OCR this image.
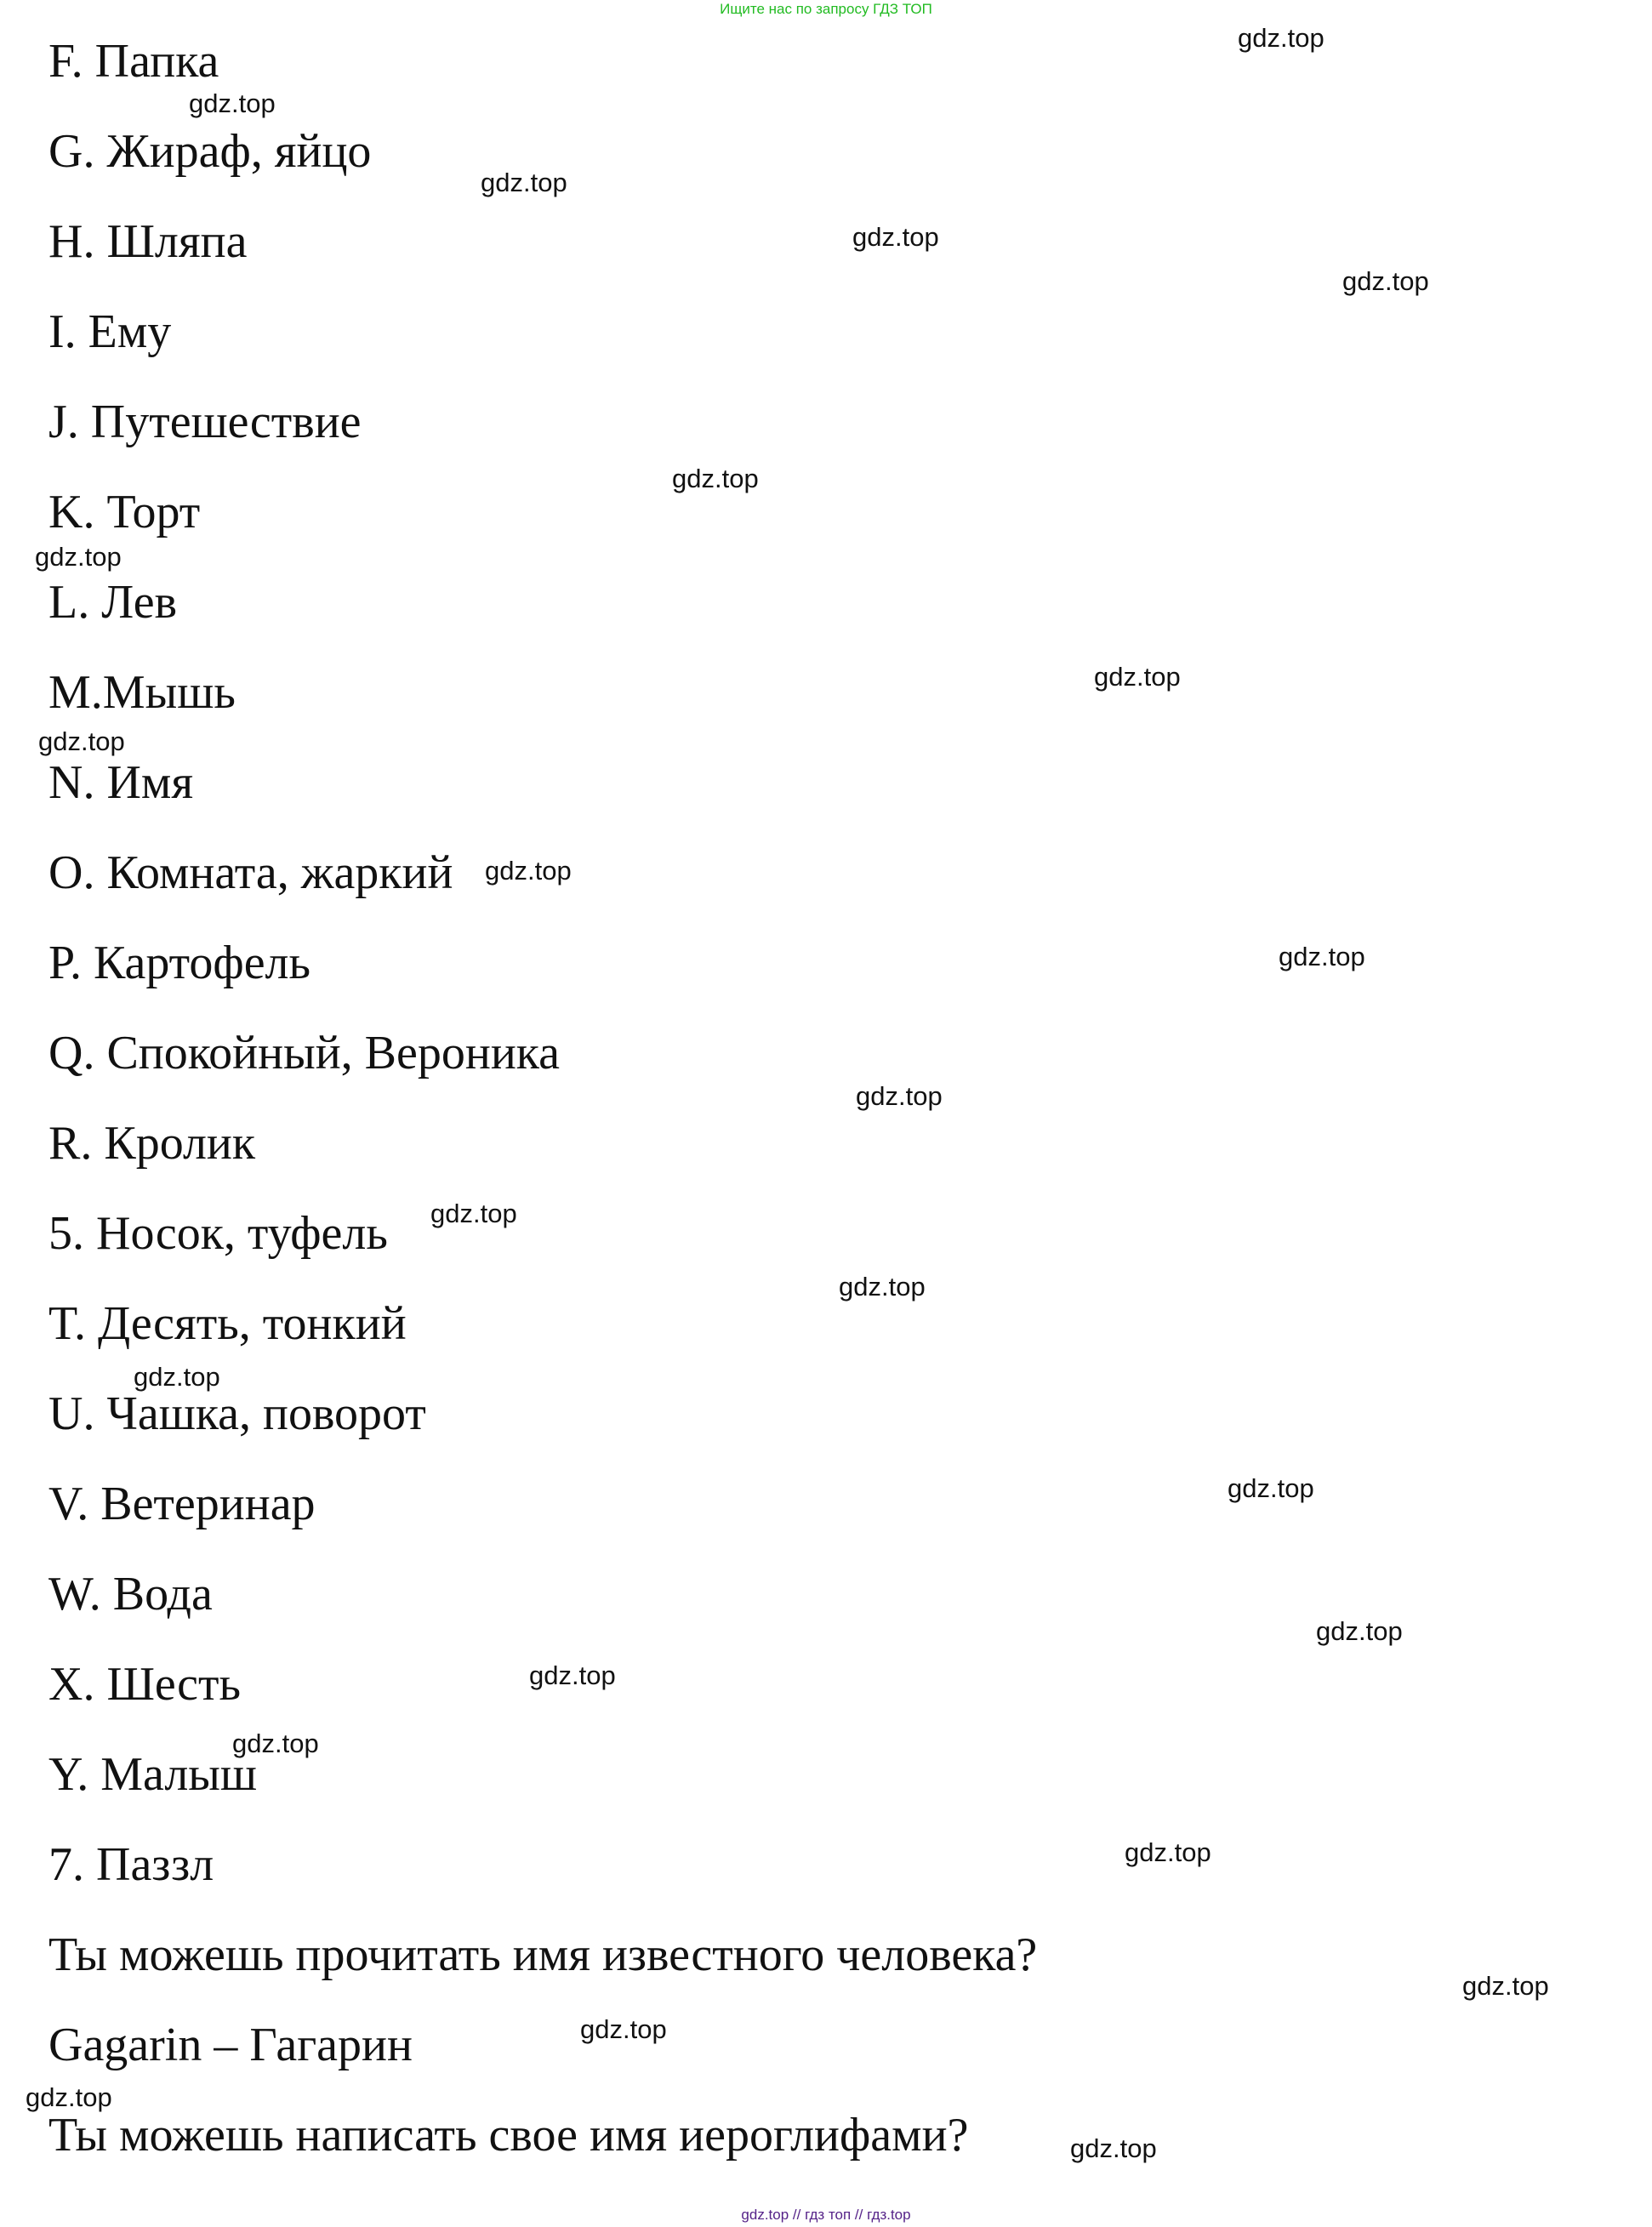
Ищите нас по запросу ГДЗ ТОП
F. Папка
G. Жираф, яйцо
H. Шляпа
I. Ему
J. Путешествие
K. Торт
L. Лев
M.Мышь
N. Имя
O. Комната, жаркий
P. Картофель
Q. Спокойный, Вероника
R. Кролик
5. Носок, туфель
T. Десять, тонкий
U. Чашка, поворот
V. Ветеринар
W. Вода
X. Шесть
Y. Малыш
7. Паззл
Ты можешь прочитать имя известного человека?
Gagarin – Гагарин
Ты можешь написать свое имя иероглифами?
gdz.top
gdz.top
gdz.top
gdz.top
gdz.top
gdz.top
gdz.top
gdz.top
gdz.top
gdz.top
gdz.top
gdz.top
gdz.top
gdz.top
gdz.top
gdz.top
gdz.top
gdz.top
gdz.top
gdz.top
gdz.top
gdz.top
gdz.top
gdz.top
gdz.top // гдз топ // гдз.top
